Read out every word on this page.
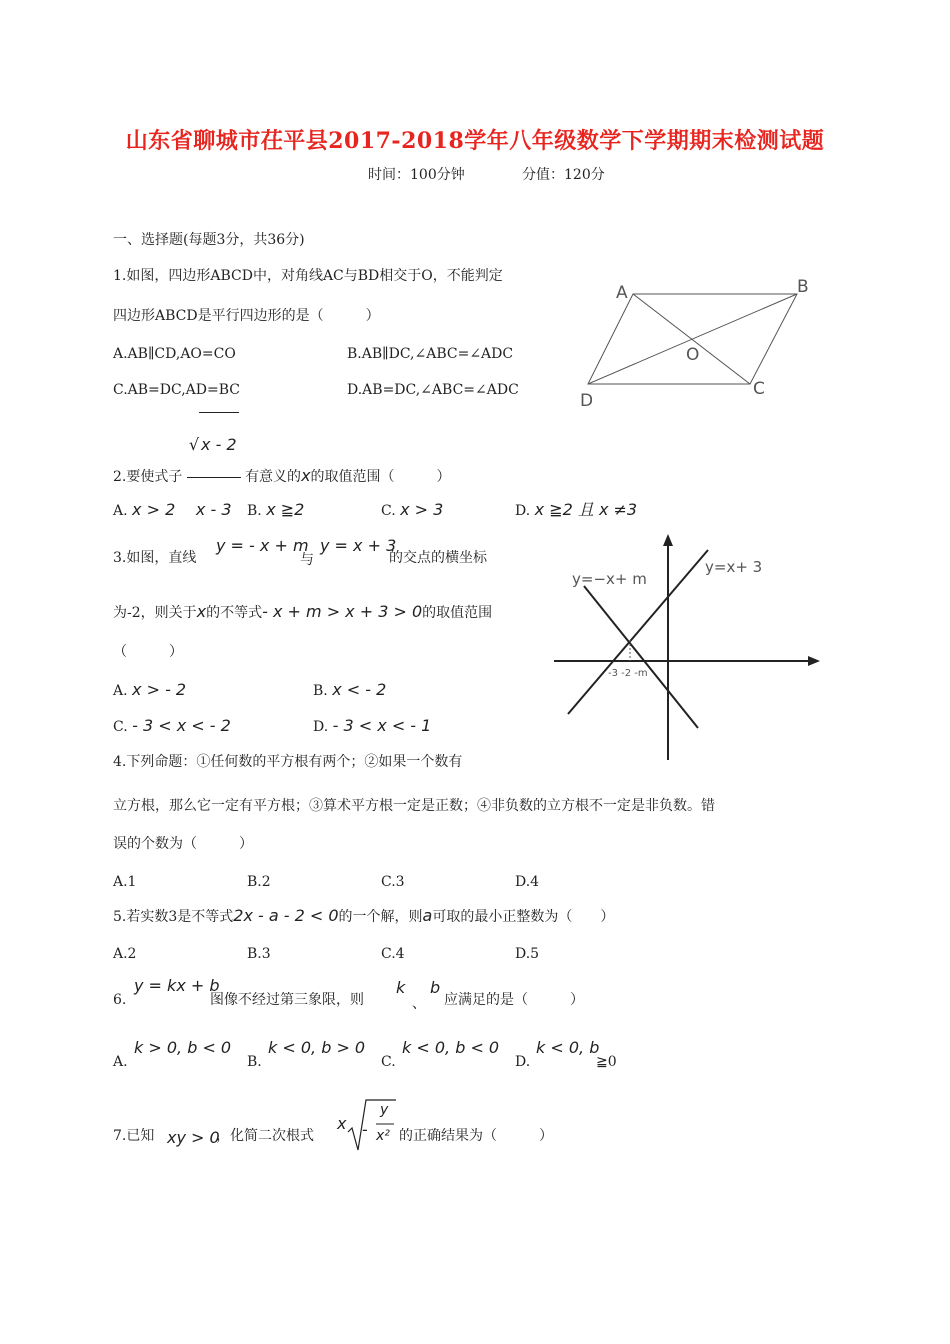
山东省聊城市茌平县2017-2018学年八年级数学下学期期末检测试题
时间：100分钟	分值：120分
一、选择题(每题3分，共36分)
1.如图，四边形ABCD中，对角线AC与BD相交于O，不能判定
四边形ABCD是平行四边形的是（　　　）
A.AB∥CD,AO=CO	B.AB∥DC,∠ABC=∠ADC
C.AB=DC,AD=BC	D.AB=DC,∠ABC=∠ADC
A	B
C
D
O
2.要使式子 $\frac{√ x - 2}{x - 3}$ 有意义的x的取值范围（　　　）
A. x > 2	B. x ≧2	C. x > 3	D. x ≧2 且 x ≠3
3.如图，直线
y = - x + m
与
y = x + 3
的交点的横坐标
为-2，则关于x的不等式- x + m > x + 3 > 0的取值范围
（　　　）
A. x > - 2	B. x < - 2
C. - 3 < x < - 2	D. - 3 < x < - 1
y=−x+ m
y=x+ 3
-3 -2 -m
4.下列命题：①任何数的平方根有两个；②如果一个数有
立方根，那么它一定有平方根；③算术平方根一定是正数；④非负数的立方根不一定是非负数。错
误的个数为（　　　）
A.1	B.2	C.3	D.4
5.若实数3是不等式2x - a - 2 < 0的一个解，则a可取的最小正整数为（　　）
A.2	B.3	C.4	D.5
6.
y = kx + b
图像不经过第三象限，则
k
、
b
应满足的是（　　　）
A.
k > 0, b < 0
B.
k < 0, b > 0
C.
k < 0, b < 0
D.
k < 0, b
≧0
7.已知 xy > 0
，化简二次根式
x -
y
x² 的正确结果为（　　　）
